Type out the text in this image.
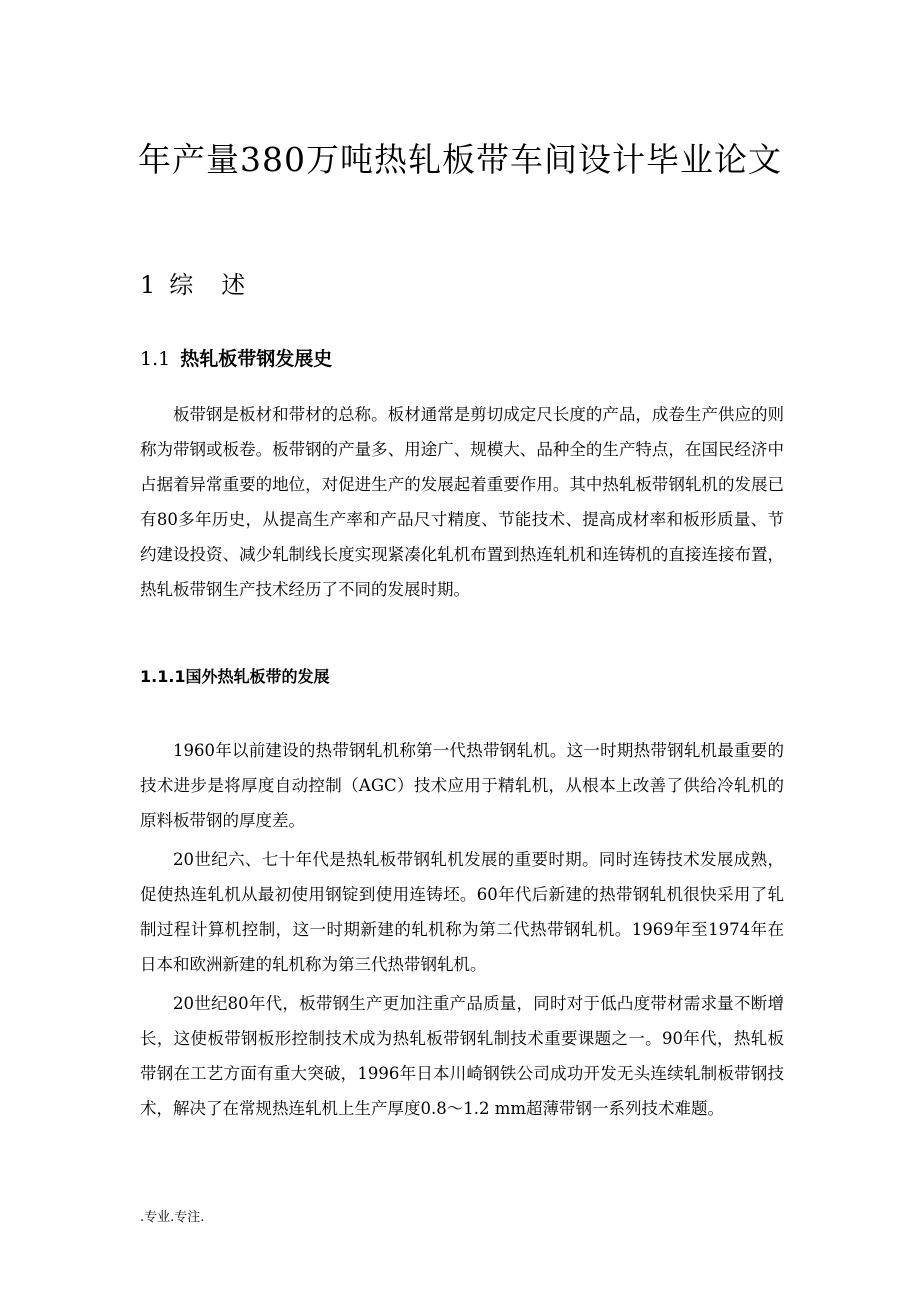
年产量380万吨热轧板带车间设计毕业论文
1 综 述
1.1 热轧板带钢发展史

板带钢是板材和带材的总称。板材通常是剪切成定尺长度的产品，成卷生产供应的则称为带钢或板卷。板带钢的产量多、用途广、规模大、品种全的生产特点，在国民经济中占据着异常重要的地位，对促进生产的发展起着重要作用。其中热轧板带钢轧机的发展已有80多年历史，从提高生产率和产品尺寸精度、节能技术、提高成材率和板形质量、节约建设投资、减少轧制线长度实现紧凑化轧机布置到热连轧机和连铸机的直接连接布置，热轧板带钢生产技术经历了不同的发展时期。

1.1.1国外热轧板带的发展

1960年以前建设的热带钢轧机称第一代热带钢轧机。这一时期热带钢轧机最重要的技术进步是将厚度自动控制（AGC）技术应用于精轧机，从根本上改善了供给冷轧机的原料板带钢的厚度差。

20世纪六、七十年代是热轧板带钢轧机发展的重要时期。同时连铸技术发展成熟，促使热连轧机从最初使用钢锭到使用连铸坯。60年代后新建的热带钢轧机很快采用了轧制过程计算机控制，这一时期新建的轧机称为第二代热带钢轧机。1969年至1974年在日本和欧洲新建的轧机称为第三代热带钢轧机。

20世纪80年代，板带钢生产更加注重产品质量，同时对于低凸度带材需求量不断增长，这使板带钢板形控制技术成为热轧板带钢轧制技术重要课题之一。90年代，热轧板带钢在工艺方面有重大突破，1996年日本川崎钢铁公司成功开发无头连续轧制板带钢技术，解决了在常规热连轧机上生产厚度0.8～1.2 mm超薄带钢一系列技术难题。

.专业.专注.
